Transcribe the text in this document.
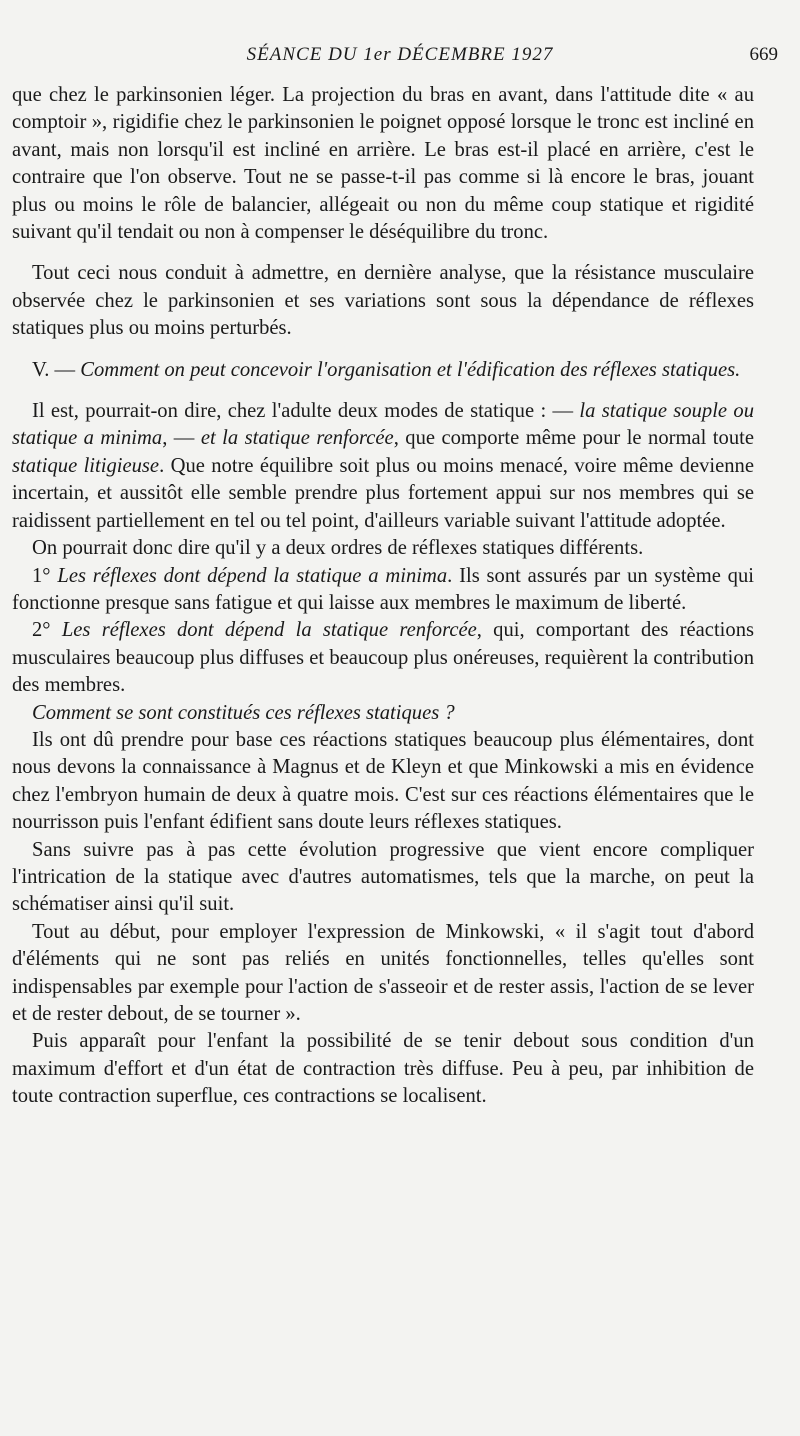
SÉANCE DU 1er DÉCEMBRE 1927	669

que chez le parkinsonien léger. La projection du bras en avant, dans l'attitude dite « au comptoir », rigidifie chez le parkinsonien le poignet opposé lorsque le tronc est incliné en avant, mais non lorsqu'il est incliné en arrière. Le bras est-il placé en arrière, c'est le contraire que l'on observe. Tout ne se passe-t-il pas comme si là encore le bras, jouant plus ou moins le rôle de balancier, allégeait ou non du même coup statique et rigidité suivant qu'il tendait ou non à compenser le déséquilibre du tronc.

Tout ceci nous conduit à admettre, en dernière analyse, que la résistance musculaire observée chez le parkinsonien et ses variations sont sous la dépendance de réflexes statiques plus ou moins perturbés.

V. — Comment on peut concevoir l'organisation et l'édification des réflexes statiques.

Il est, pourrait-on dire, chez l'adulte deux modes de statique : — la statique souple ou statique a minima, — et la statique renforcée, que comporte même pour le normal toute statique litigieuse. Que notre équilibre soit plus ou moins menacé, voire même devienne incertain, et aussitôt elle semble prendre plus fortement appui sur nos membres qui se raidissent partiellement en tel ou tel point, d'ailleurs variable suivant l'attitude adoptée.

On pourrait donc dire qu'il y a deux ordres de réflexes statiques différents.

1° Les réflexes dont dépend la statique a minima. Ils sont assurés par un système qui fonctionne presque sans fatigue et qui laisse aux membres le maximum de liberté.

2° Les réflexes dont dépend la statique renforcée, qui, comportant des réactions musculaires beaucoup plus diffuses et beaucoup plus onéreuses, requièrent la contribution des membres.

Comment se sont constitués ces réflexes statiques ?

Ils ont dû prendre pour base ces réactions statiques beaucoup plus élémentaires, dont nous devons la connaissance à Magnus et de Kleyn et que Minkowski a mis en évidence chez l'embryon humain de deux à quatre mois. C'est sur ces réactions élémentaires que le nourrisson puis l'enfant édifient sans doute leurs réflexes statiques.

Sans suivre pas à pas cette évolution progressive que vient encore compliquer l'intrication de la statique avec d'autres automatismes, tels que la marche, on peut la schématiser ainsi qu'il suit.

Tout au début, pour employer l'expression de Minkowski, « il s'agit tout d'abord d'éléments qui ne sont pas reliés en unités fonctionnelles, telles qu'elles sont indispensables par exemple pour l'action de s'asseoir et de rester assis, l'action de se lever et de rester debout, de se tourner ».

Puis apparaît pour l'enfant la possibilité de se tenir debout sous condition d'un maximum d'effort et d'un état de contraction très diffuse. Peu à peu, par inhibition de toute contraction superflue, ces contractions se localisent.
